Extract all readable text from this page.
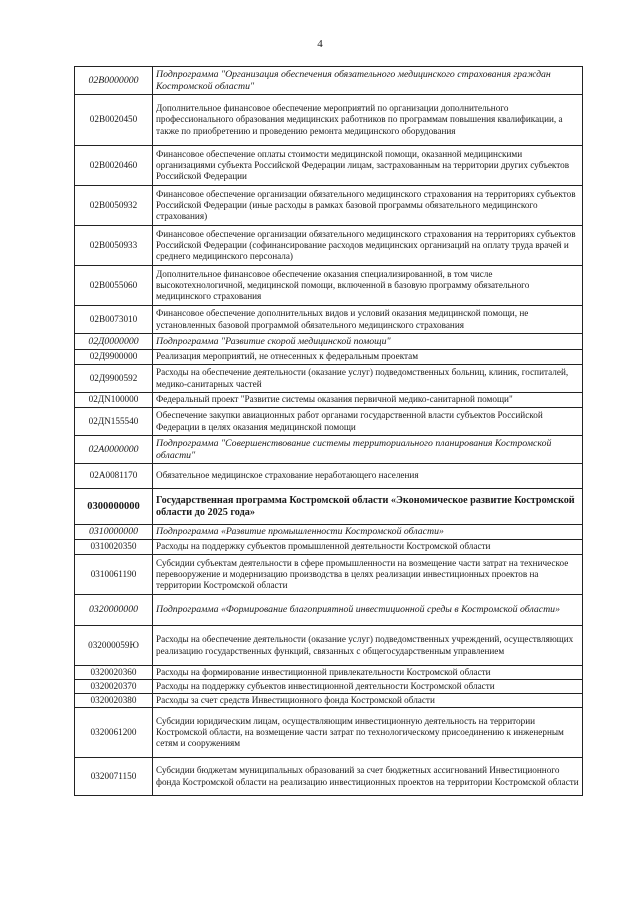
4
02В0000000	Подпрограмма "Организация обеспечения обязательного медицинского страхования граждан Костромской области"
02В0020450	Дополнительное финансовое обеспечение мероприятий по организации дополнительного профессионального образования медицинских работников по программам повышения квалификации, а также по приобретению и проведению ремонта медицинского оборудования
02В0020460	Финансовое обеспечение оплаты стоимости медицинской помощи, оказанной медицинскими организациями субъекта Российской Федерации лицам, застрахованным на территории других субъектов Российской Федерации
02В0050932	Финансовое обеспечение организации обязательного медицинского страхования на территориях субъектов Российской Федерации (иные расходы в рамках базовой программы обязательного медицинского страхования)
02В0050933	Финансовое обеспечение организации обязательного медицинского страхования на территориях субъектов Российской Федерации (софинансирование расходов медицинских организаций на оплату труда врачей и среднего медицинского персонала)
02В0055060	Дополнительное финансовое обеспечение оказания специализированной, в том числе высокотехнологичной, медицинской помощи, включенной в базовую программу обязательного медицинского страхования
02В0073010	Финансовое обеспечение дополнительных видов и условий оказания медицинской помощи, не установленных базовой программой обязательного медицинского страхования
02Д0000000	Подпрограмма "Развитие скорой медицинской помощи"
02Д9900000	Реализация мероприятий, не отнесенных к федеральным проектам
02Д9900592	Расходы на обеспечение деятельности (оказание услуг) подведомственных больниц, клиник, госпиталей, медико-санитарных частей
02ДN100000	Федеральный проект "Развитие системы оказания первичной медико-санитарной помощи"
02ДN155540	Обеспечение закупки авиационных работ органами государственной власти субъектов Российской Федерации в целях оказания медицинской помощи
02А0000000	Подпрограмма "Совершенствование системы территориального планирования Костромской области"
02А0081170	Обязательное медицинское страхование неработающего населения
0300000000	Государственная программа Костромской области «Экономическое развитие Костромской области до 2025 года»
0310000000	Подпрограмма «Развитие промышленности Костромской области»
0310020350	Расходы на поддержку субъектов промышленной деятельности Костромской области
0310061190	Субсидии субъектам деятельности в сфере промышленности на возмещение части затрат на техническое перевооружение и модернизацию производства в целях реализации инвестиционных проектов на территории Костромской области
0320000000	Подпрограмма «Формирование благоприятной инвестиционной среды в Костромской области»
032000059Ю	Расходы на обеспечение деятельности (оказание услуг) подведомственных учреждений, осуществляющих реализацию государственных функций, связанных с общегосударственным управлением
0320020360	Расходы на формирование инвестиционной привлекательности Костромской области
0320020370	Расходы на поддержку субъектов инвестиционной деятельности Костромской области
0320020380	Расходы за счет средств Инвестиционного фонда Костромской области
0320061200	Субсидии юридическим лицам, осуществляющим инвестиционную деятельность на территории Костромской области, на возмещение части затрат по технологическому присоединению к инженерным сетям и сооружениям
0320071150	Субсидии бюджетам муниципальных образований за счет бюджетных ассигнований Инвестиционного фонда Костромской области на реализацию инвестиционных проектов на территории Костромской области
